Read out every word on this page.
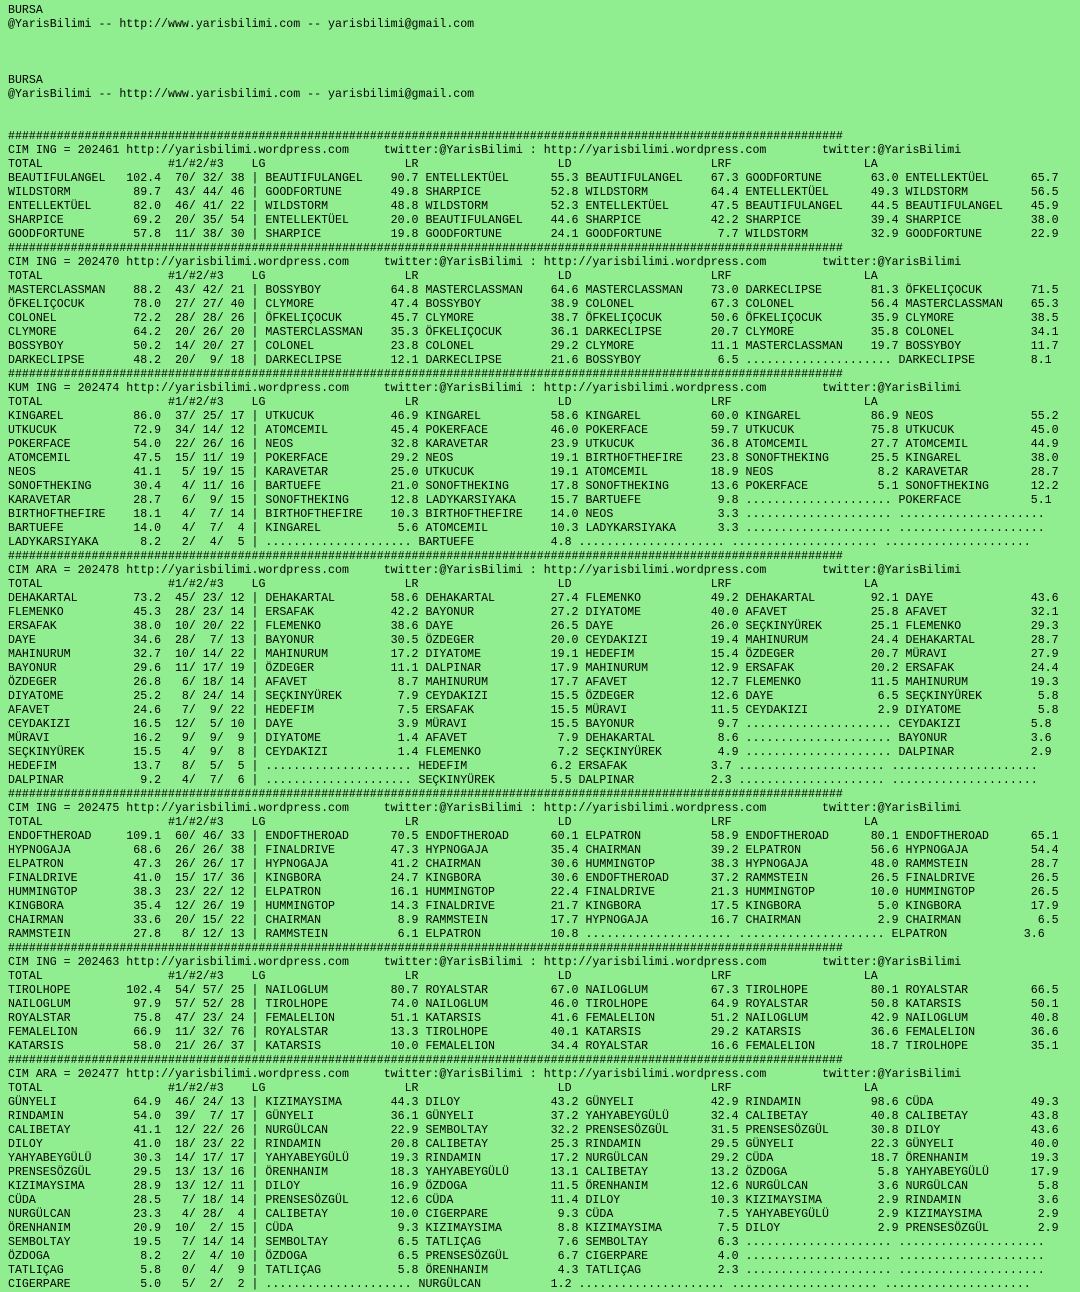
BURSA
@YarisBilimi -- http://www.yarisbilimi.com -- yarisbilimi@gmail.com
BURSA
@YarisBilimi -- http://www.yarisbilimi.com -- yarisbilimi@gmail.com
########################################################################################################################
CIM ING = 202461 http://yarisbilimi.wordpress.com     twitter:@YarisBilimi : http://yarisbilimi.wordpress.com        twitter:@YarisBilimi
TOTAL                  #1/#2/#3    LG                    LR                    LD                    LRF                   LA
BEAUTIFULANGEL   102.4  70/ 32/ 38 | BEAUTIFULANGEL    90.7 ENTELLEKTÜEL      55.3 BEAUTIFULANGEL    67.3 GOODFORTUNE       63.0 ENTELLEKTÜEL      65.7
WILDSTORM         89.7  43/ 44/ 46 | GOODFORTUNE       49.8 SHARPICE          52.8 WILDSTORM         64.4 ENTELLEKTÜEL      49.3 WILDSTORM         56.5
ENTELLEKTÜEL      82.0  46/ 41/ 22 | WILDSTORM         48.8 WILDSTORM         52.3 ENTELLEKTÜEL      47.5 BEAUTIFULANGEL    44.5 BEAUTIFULANGEL    45.9
SHARPICE          69.2  20/ 35/ 54 | ENTELLEKTÜEL      20.0 BEAUTIFULANGEL    44.6 SHARPICE          42.2 SHARPICE          39.4 SHARPICE          38.0
GOODFORTUNE       57.8  11/ 38/ 30 | SHARPICE          19.8 GOODFORTUNE       24.1 GOODFORTUNE        7.7 WILDSTORM         32.9 GOODFORTUNE       22.9
########################################################################################################################
CIM ING = 202470 http://yarisbilimi.wordpress.com     twitter:@YarisBilimi : http://yarisbilimi.wordpress.com        twitter:@YarisBilimi
TOTAL                  #1/#2/#3    LG                    LR                    LD                    LRF                   LA
MASTERCLASSMAN    88.2  43/ 42/ 21 | BOSSYBOY          64.8 MASTERCLASSMAN    64.6 MASTERCLASSMAN    73.0 DARKECLIPSE       81.3 ÖFKELIÇOCUK       71.5
ÖFKELIÇOCUK       78.0  27/ 27/ 40 | CLYMORE           47.4 BOSSYBOY          38.9 COLONEL           67.3 COLONEL           56.4 MASTERCLASSMAN    65.3
COLONEL           72.2  28/ 28/ 26 | ÖFKELIÇOCUK       45.7 CLYMORE           38.7 ÖFKELIÇOCUK       50.6 ÖFKELIÇOCUK       35.9 CLYMORE           38.5
CLYMORE           64.2  20/ 26/ 20 | MASTERCLASSMAN    35.3 ÖFKELIÇOCUK       36.1 DARKECLIPSE       20.7 CLYMORE           35.8 COLONEL           34.1
BOSSYBOY          50.2  14/ 20/ 27 | COLONEL           23.8 COLONEL           29.2 CLYMORE           11.1 MASTERCLASSMAN    19.7 BOSSYBOY          11.7
DARKECLIPSE       48.2  20/  9/ 18 | DARKECLIPSE       12.1 DARKECLIPSE       21.6 BOSSYBOY           6.5 ..................... DARKECLIPSE        8.1
########################################################################################################################
KUM ING = 202474 http://yarisbilimi.wordpress.com     twitter:@YarisBilimi : http://yarisbilimi.wordpress.com        twitter:@YarisBilimi
TOTAL                  #1/#2/#3    LG                    LR                    LD                    LRF                   LA
KINGAREL          86.0  37/ 25/ 17 | UTKUCUK           46.9 KINGAREL          58.6 KINGAREL          60.0 KINGAREL          86.9 NEOS              55.2
UTKUCUK           72.9  34/ 14/ 12 | ATOMCEMIL         45.4 POKERFACE         46.0 POKERFACE         59.7 UTKUCUK           75.8 UTKUCUK           45.0
POKERFACE         54.0  22/ 26/ 16 | NEOS              32.8 KARAVETAR         23.9 UTKUCUK           36.8 ATOMCEMIL         27.7 ATOMCEMIL         44.9
ATOMCEMIL         47.5  15/ 11/ 19 | POKERFACE         29.2 NEOS              19.1 BIRTHOFTHEFIRE    23.8 SONOFTHEKING      25.5 KINGAREL          38.0
NEOS              41.1   5/ 19/ 15 | KARAVETAR         25.0 UTKUCUK           19.1 ATOMCEMIL         18.9 NEOS               8.2 KARAVETAR         28.7
SONOFTHEKING      30.4   4/ 11/ 16 | BARTUEFE          21.0 SONOFTHEKING      17.8 SONOFTHEKING      13.6 POKERFACE          5.1 SONOFTHEKING      12.2
KARAVETAR         28.7   6/  9/ 15 | SONOFTHEKING      12.8 LADYKARSIYAKA     15.7 BARTUEFE           9.8 ..................... POKERFACE          5.1
BIRTHOFTHEFIRE    18.1   4/  7/ 14 | BIRTHOFTHEFIRE    10.3 BIRTHOFTHEFIRE    14.0 NEOS               3.3 ..................... .....................
BARTUEFE          14.0   4/  7/  4 | KINGAREL           5.6 ATOMCEMIL         10.3 LADYKARSIYAKA      3.3 ..................... .....................
LADYKARSIYAKA      8.2   2/  4/  5 | ..................... BARTUEFE           4.8 ..................... ..................... .....................
########################################################################################################################
CIM ARA = 202478 http://yarisbilimi.wordpress.com     twitter:@YarisBilimi : http://yarisbilimi.wordpress.com        twitter:@YarisBilimi
TOTAL                  #1/#2/#3    LG                    LR                    LD                    LRF                   LA
DEHAKARTAL        73.2  45/ 23/ 12 | DEHAKARTAL        58.6 DEHAKARTAL        27.4 FLEMENKO          49.2 DEHAKARTAL        92.1 DAYE              43.6
FLEMENKO          45.3  28/ 23/ 14 | ERSAFAK           42.2 BAYONUR           27.2 DIYATOME          40.0 AFAVET            25.8 AFAVET            32.1
ERSAFAK           38.0  10/ 20/ 22 | FLEMENKO          38.6 DAYE              26.5 DAYE              26.0 SEÇKINYÜREK       25.1 FLEMENKO          29.3
DAYE              34.6  28/  7/ 13 | BAYONUR           30.5 ÖZDEGER           20.0 CEYDAKIZI         19.4 MAHINURUM         24.4 DEHAKARTAL        28.7
MAHINURUM         32.7  10/ 14/ 22 | MAHINURUM         17.2 DIYATOME          19.1 HEDEFIM           15.4 ÖZDEGER           20.7 MÜRAVI            27.9
BAYONUR           29.6  11/ 17/ 19 | ÖZDEGER           11.1 DALPINAR          17.9 MAHINURUM         12.9 ERSAFAK           20.2 ERSAFAK           24.4
ÖZDEGER           26.8   6/ 18/ 14 | AFAVET             8.7 MAHINURUM         17.7 AFAVET            12.7 FLEMENKO          11.5 MAHINURUM         19.3
DIYATOME          25.2   8/ 24/ 14 | SEÇKINYÜREK        7.9 CEYDAKIZI         15.5 ÖZDEGER           12.6 DAYE               6.5 SEÇKINYÜREK        5.8
AFAVET            24.6   7/  9/ 22 | HEDEFIM            7.5 ERSAFAK           15.5 MÜRAVI            11.5 CEYDAKIZI          2.9 DIYATOME           5.8
CEYDAKIZI         16.5  12/  5/ 10 | DAYE               3.9 MÜRAVI            15.5 BAYONUR            9.7 ..................... CEYDAKIZI          5.8
MÜRAVI            16.2   9/  9/  9 | DIYATOME           1.4 AFAVET             7.9 DEHAKARTAL         8.6 ..................... BAYONUR            3.6
SEÇKINYÜREK       15.5   4/  9/  8 | CEYDAKIZI          1.4 FLEMENKO           7.2 SEÇKINYÜREK        4.9 ..................... DALPINAR           2.9
HEDEFIM           13.7   8/  5/  5 | ..................... HEDEFIM            6.2 ERSAFAK            3.7 ..................... .....................
DALPINAR           9.2   4/  7/  6 | ..................... SEÇKINYÜREK        5.5 DALPINAR           2.3 ..................... .....................
########################################################################################################################
CIM ING = 202475 http://yarisbilimi.wordpress.com     twitter:@YarisBilimi : http://yarisbilimi.wordpress.com        twitter:@YarisBilimi
TOTAL                  #1/#2/#3    LG                    LR                    LD                    LRF                   LA
ENDOFTHEROAD     109.1  60/ 46/ 33 | ENDOFTHEROAD      70.5 ENDOFTHEROAD      60.1 ELPATRON          58.9 ENDOFTHEROAD      80.1 ENDOFTHEROAD      65.1
HYPNOGAJA         68.6  26/ 26/ 38 | FINALDRIVE        47.3 HYPNOGAJA         35.4 CHAIRMAN          39.2 ELPATRON          56.6 HYPNOGAJA         54.4
ELPATRON          47.3  26/ 26/ 17 | HYPNOGAJA         41.2 CHAIRMAN          30.6 HUMMINGTOP        38.3 HYPNOGAJA         48.0 RAMMSTEIN         28.7
FINALDRIVE        41.0  15/ 17/ 36 | KINGBORA          24.7 KINGBORA          30.6 ENDOFTHEROAD      37.2 RAMMSTEIN         26.5 FINALDRIVE        26.5
HUMMINGTOP        38.3  23/ 22/ 12 | ELPATRON          16.1 HUMMINGTOP        22.4 FINALDRIVE        21.3 HUMMINGTOP        10.0 HUMMINGTOP        26.5
KINGBORA          35.4  12/ 26/ 19 | HUMMINGTOP        14.3 FINALDRIVE        21.7 KINGBORA          17.5 KINGBORA           5.0 KINGBORA          17.9
CHAIRMAN          33.6  20/ 15/ 22 | CHAIRMAN           8.9 RAMMSTEIN         17.7 HYPNOGAJA         16.7 CHAIRMAN           2.9 CHAIRMAN           6.5
RAMMSTEIN         27.8   8/ 12/ 13 | RAMMSTEIN          6.1 ELPATRON          10.8 ..................... ..................... ELPATRON           3.6
########################################################################################################################
CIM ING = 202463 http://yarisbilimi.wordpress.com     twitter:@YarisBilimi : http://yarisbilimi.wordpress.com        twitter:@YarisBilimi
TOTAL                  #1/#2/#3    LG                    LR                    LD                    LRF                   LA
TIROLHOPE        102.4  54/ 57/ 25 | NAILOGLUM         80.7 ROYALSTAR         67.0 NAILOGLUM         67.3 TIROLHOPE         80.1 ROYALSTAR         66.5
NAILOGLUM         97.9  57/ 52/ 28 | TIROLHOPE         74.0 NAILOGLUM         46.0 TIROLHOPE         64.9 ROYALSTAR         50.8 KATARSIS          50.1
ROYALSTAR         75.8  47/ 23/ 24 | FEMALELION        51.1 KATARSIS          41.6 FEMALELION        51.2 NAILOGLUM         42.9 NAILOGLUM         40.8
FEMALELION        66.9  11/ 32/ 76 | ROYALSTAR         13.3 TIROLHOPE         40.1 KATARSIS          29.2 KATARSIS          36.6 FEMALELION        36.6
KATARSIS          58.0  21/ 26/ 37 | KATARSIS          10.0 FEMALELION        34.4 ROYALSTAR         16.6 FEMALELION        18.7 TIROLHOPE         35.1
########################################################################################################################
CIM ARA = 202477 http://yarisbilimi.wordpress.com     twitter:@YarisBilimi : http://yarisbilimi.wordpress.com        twitter:@YarisBilimi
TOTAL                  #1/#2/#3    LG                    LR                    LD                    LRF                   LA
GÜNYELI           64.9  46/ 24/ 13 | KIZIMAYSIMA       44.3 DILOY             43.2 GÜNYELI           42.9 RINDAMIN          98.6 CÜDA              49.3
RINDAMIN          54.0  39/  7/ 17 | GÜNYELI           36.1 GÜNYELI           37.2 YAHYABEYGÜLÜ      32.4 CALIBETAY         40.8 CALIBETAY         43.8
CALIBETAY         41.1  12/ 22/ 26 | NURGÜLCAN         22.9 SEMBOLTAY         32.2 PRENSESÖZGÜL      31.5 PRENSESÖZGÜL      30.8 DILOY             43.6
DILOY             41.0  18/ 23/ 22 | RINDAMIN          20.8 CALIBETAY         25.3 RINDAMIN          29.5 GÜNYELI           22.3 GÜNYELI           40.0
YAHYABEYGÜLÜ      30.3  14/ 17/ 17 | YAHYABEYGÜLÜ      19.3 RINDAMIN          17.2 NURGÜLCAN         29.2 CÜDA              18.7 ÖRENHANIM         19.3
PRENSESÖZGÜL      29.5  13/ 13/ 16 | ÖRENHANIM         18.3 YAHYABEYGÜLÜ      13.1 CALIBETAY         13.2 ÖZDOGA             5.8 YAHYABEYGÜLÜ      17.9
KIZIMAYSIMA       28.9  13/ 12/ 11 | DILOY             16.9 ÖZDOGA            11.5 ÖRENHANIM         12.6 NURGÜLCAN          3.6 NURGÜLCAN          5.8
CÜDA              28.5   7/ 18/ 14 | PRENSESÖZGÜL      12.6 CÜDA              11.4 DILOY             10.3 KIZIMAYSIMA        2.9 RINDAMIN           3.6
NURGÜLCAN         23.3   4/ 28/  4 | CALIBETAY         10.0 CIGERPARE          9.3 CÜDA               7.5 YAHYABEYGÜLÜ       2.9 KIZIMAYSIMA        2.9
ÖRENHANIM         20.9  10/  2/ 15 | CÜDA               9.3 KIZIMAYSIMA        8.8 KIZIMAYSIMA        7.5 DILOY              2.9 PRENSESÖZGÜL       2.9
SEMBOLTAY         19.5   7/ 14/ 14 | SEMBOLTAY          6.5 TATLIÇAG           7.6 SEMBOLTAY          6.3 ..................... .....................
ÖZDOGA             8.2   2/  4/ 10 | ÖZDOGA             6.5 PRENSESÖZGÜL       6.7 CIGERPARE          4.0 ..................... .....................
TATLIÇAG           5.8   0/  4/  9 | TATLIÇAG           5.8 ÖRENHANIM          4.3 TATLIÇAG           2.3 ..................... .....................
CIGERPARE          5.0   5/  2/  2 | ..................... NURGÜLCAN          1.2 ..................... ..................... .....................
